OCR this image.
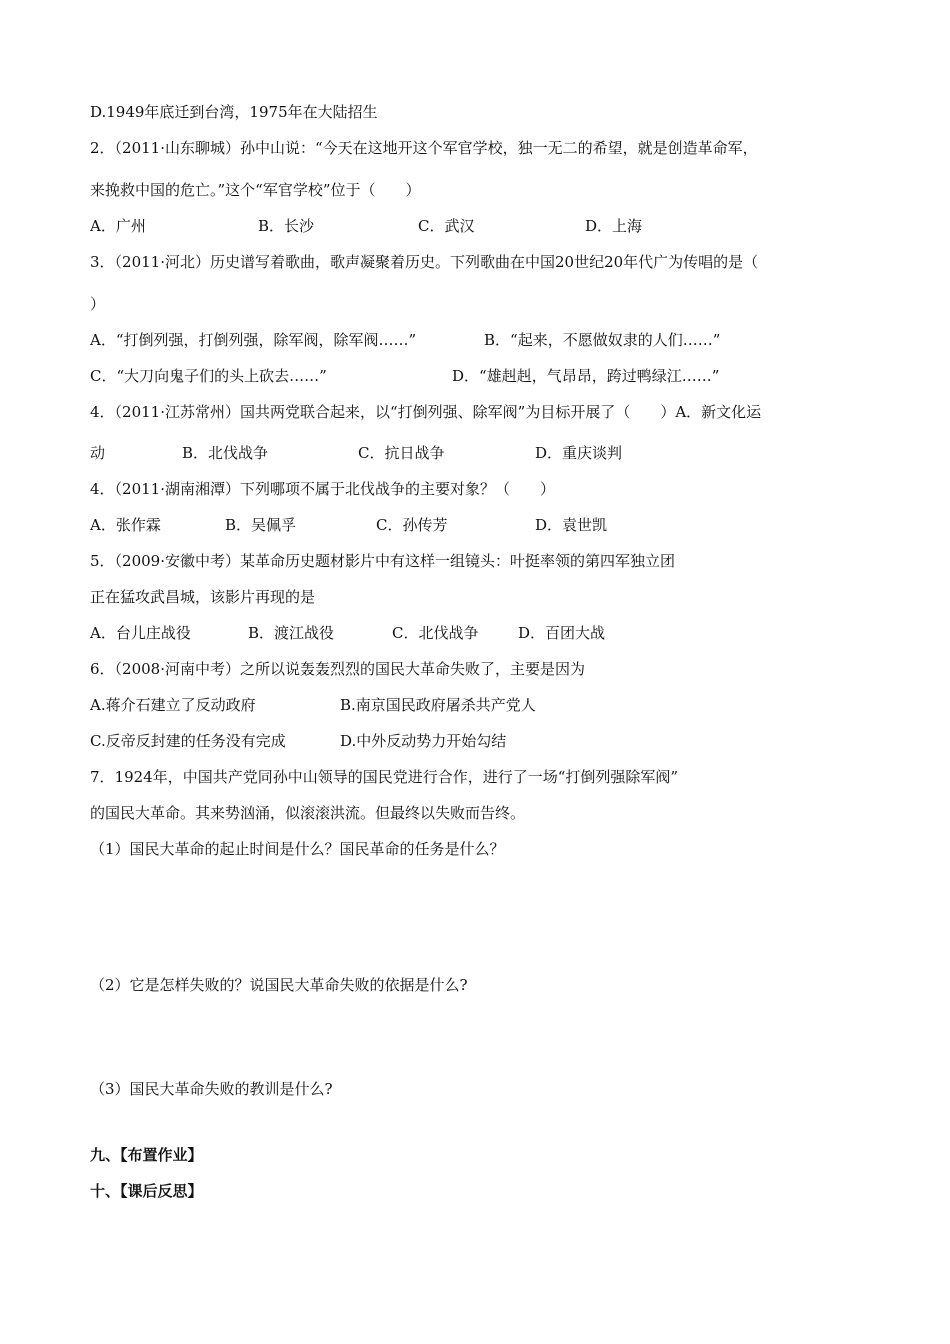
D.1949年底迁到台湾，1975年在大陆招生

2．（2011·山东聊城）孙中山说：“今天在这地开这个军官学校，独一无二的希望，就是创造革命军，

来挽救中国的危亡。”这个“军官学校”位于（　　）

A．广州	B．长沙	C．武汉	D．上海

3．（2011·河北）历史谱写着歌曲，歌声凝聚着历史。下列歌曲在中国20世纪20年代广为传唱的是（

）

A．“打倒列强，打倒列强，除军阀，除军阀……”	B．“起来，不愿做奴隶的人们……”
C．“大刀向鬼子们的头上砍去……”	D．“雄赳赳，气昂昂，跨过鸭绿江……”

4．（2011·江苏常州）国共两党联合起来，以“打倒列强、除军阀”为目标开展了（　　）A．新文化运

动	B．北伐战争	C．抗日战争	D．重庆谈判

4．（2011·湖南湘潭）下列哪项不属于北伐战争的主要对象？（　　）

A．张作霖	B．吴佩孚	C．孙传芳	D．袁世凯

5．（2009·安徽中考）某革命历史题材影片中有这样一组镜头：叶挺率领的第四军独立团

正在猛攻武昌城，该影片再现的是

A．台儿庄战役	B．渡江战役	C．北伐战争	D．百团大战

6．（2008·河南中考）之所以说轰轰烈烈的国民大革命失败了，主要是因为

A.蒋介石建立了反动政府	B.南京国民政府屠杀共产党人
C.反帝反封建的任务没有完成	D.中外反动势力开始勾结

7．1924年，中国共产党同孙中山领导的国民党进行合作，进行了一场“打倒列强除军阀”

的国民大革命。其来势汹涌，似滚滚洪流。但最终以失败而告终。

（1）国民大革命的起止时间是什么？国民革命的任务是什么？

（2）它是怎样失败的？说国民大革命失败的依据是什么?

（3）国民大革命失败的教训是什么?

九、【布置作业】

十、【课后反思】
